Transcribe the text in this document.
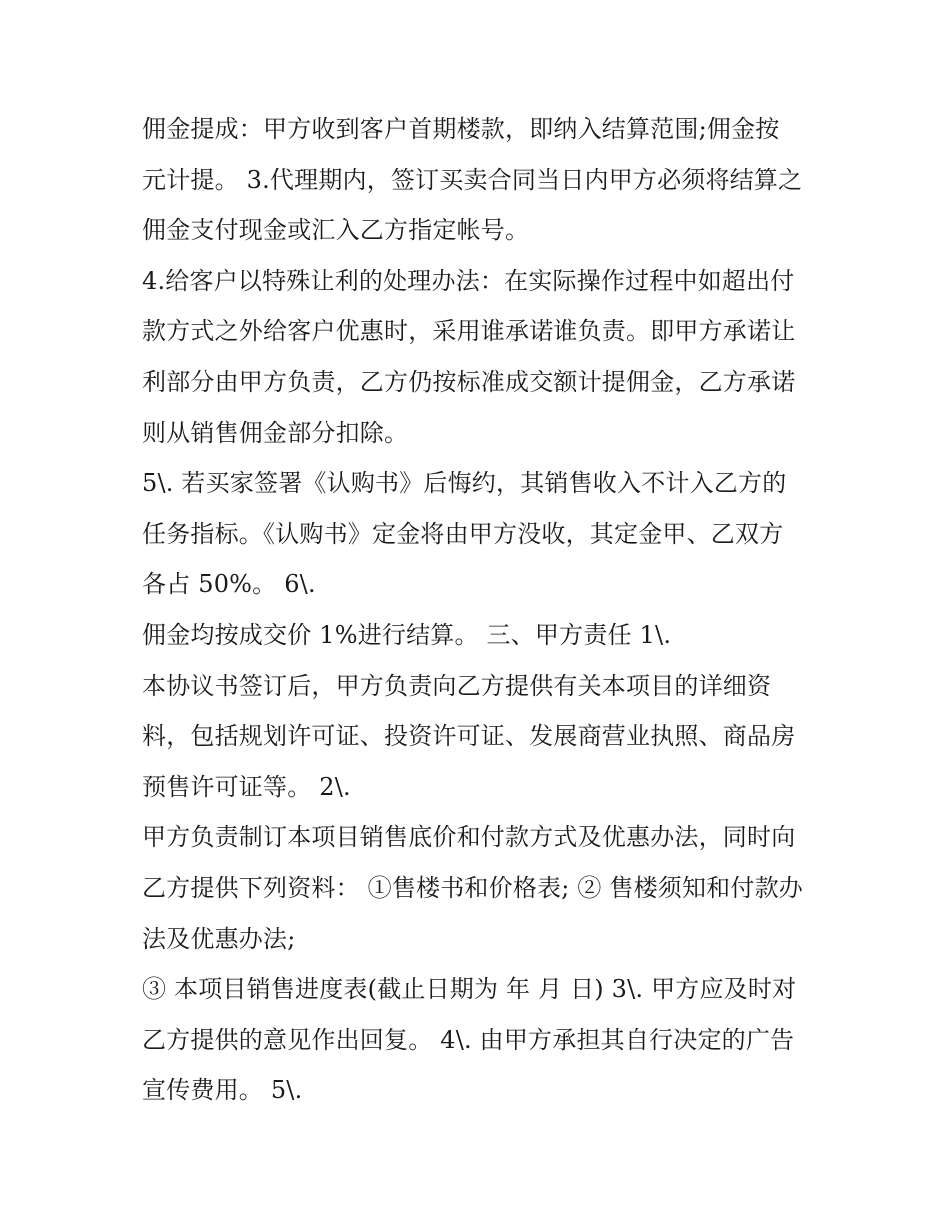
佣金提成：甲方收到客户首期楼款，即纳入结算范围;佣金按
元计提。 3.代理期内，签订买卖合同当日内甲方必须将结算之
佣金支付现金或汇入乙方指定帐号。
4.给客户以特殊让利的处理办法：在实际操作过程中如超出付
款方式之外给客户优惠时，采用谁承诺谁负责。即甲方承诺让
利部分由甲方负责，乙方仍按标准成交额计提佣金，乙方承诺
则从销售佣金部分扣除。
5\. 若买家签署《认购书》后悔约，其销售收入不计入乙方的
任务指标。《认购书》定金将由甲方没收，其定金甲、乙双方
各占 50%。 6\.
佣金均按成交价 1%进行结算。 三、甲方责任 1\.
本协议书签订后，甲方负责向乙方提供有关本项目的详细资
料，包括规划许可证、投资许可证、发展商营业执照、商品房
预售许可证等。 2\.
甲方负责制订本项目销售底价和付款方式及优惠办法，同时向
乙方提供下列资料： ①售楼书和价格表; ② 售楼须知和付款办
法及优惠办法;
③ 本项目销售进度表(截止日期为 年 月 日) 3\. 甲方应及时对
乙方提供的意见作出回复。 4\. 由甲方承担其自行决定的广告
宣传费用。 5\.
